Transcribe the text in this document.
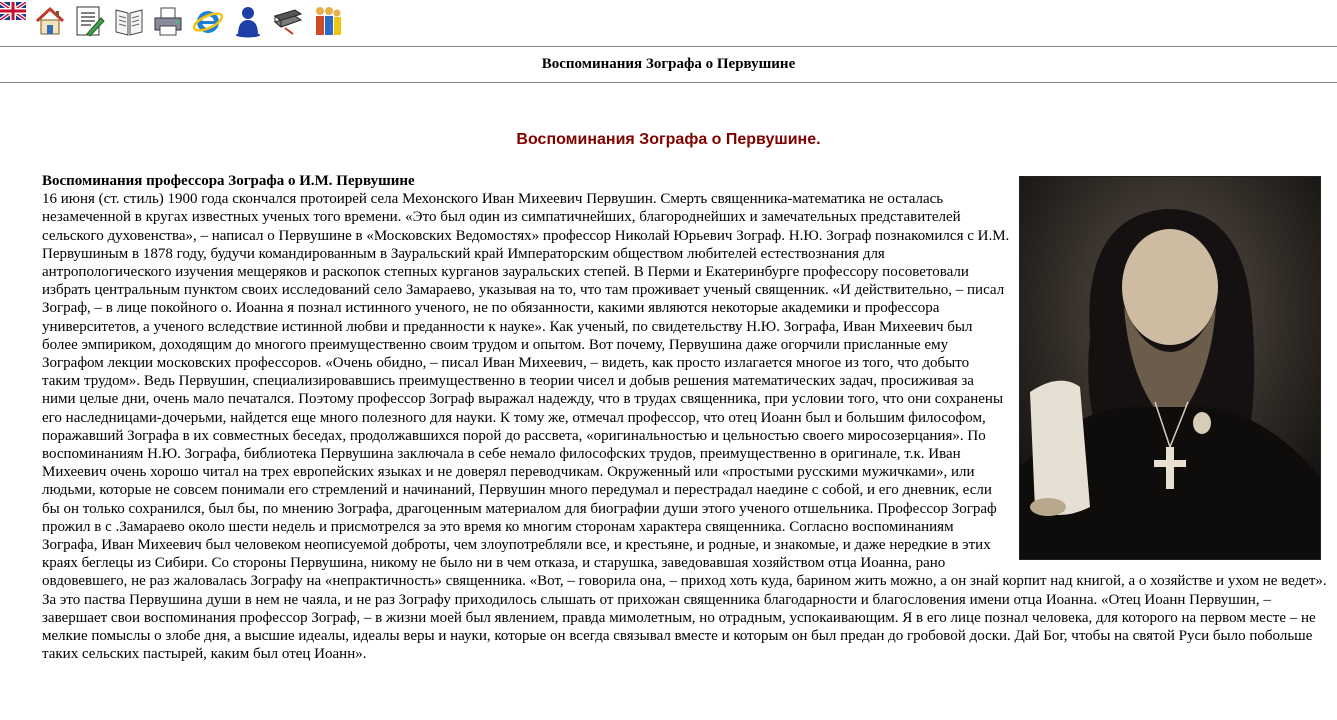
Воспоминания Зографа о Первушине
Воспоминания Зографа о Первушине.
Воспоминания профессора Зографа о И.М. Первушине
16 июня (ст. стиль) 1900 года скончался протоирей села Мехонского Иван Михеевич Первушин. Смерть священника-математика не осталась незамеченной в кругах известных ученых того времени. «Это был один из симпатичнейших, благороднейших и замечательных представителей сельского духовенства», – написал о Первушине в «Московских Ведомостях» профессор Николай Юрьевич Зограф. Н.Ю. Зограф познакомился с И.М. Первушиным в 1878 году, будучи командированным в Зауральский край Императорским обществом любителей естествознания для антропологического изучения мещеряков и раскопок степных курганов зауральских степей. В Перми и Екатеринбурге профессору посоветовали избрать центральным пунктом своих исследований село Замараево, указывая на то, что там проживает ученый священник. «И действительно, – писал Зограф, – в лице покойного о. Иоанна я познал истинного ученого, не по обязанности, какими являются некоторые академики и профессора университетов, а ученого вследствие истинной любви и преданности к науке». Как ученый, по свидетельству Н.Ю. Зографа, Иван Михеевич был более эмпириком, доходящим до многого преимущественно своим трудом и опытом. Вот почему, Первушина даже огорчили присланные ему Зографом лекции московских профессоров. «Очень обидно, – писал Иван Михеевич, – видеть, как просто излагается многое из того, что добыто таким трудом». Ведь Первушин, специализировавшись преимущественно в теории чисел и добыв решения математических задач, просиживая за ними целые дни, очень мало печатался. Поэтому профессор Зограф выражал надежду, что в трудах священника, при условии того, что они сохранены его наследницами-дочерьми, найдется еще много полезного для науки. К тому же, отмечал профессор, что отец Иоанн был и большим философом, поражавший Зографа в их совместных беседах, продолжавшихся порой до рассвета, «оригинальностью и цельностью своего миросозерцания». По воспоминаниям Н.Ю. Зографа, библиотека Первушина заключала в себе немало философских трудов, преимущественно в оригинале, т.к. Иван Михеевич очень хорошо читал на трех европейских языках и не доверял переводчикам. Окруженный или «простыми русскими мужичками», или людьми, которые не совсем понимали его стремлений и начинаний, Первушин много передумал и перестрадал наедине с собой, и его дневник, если бы он только сохранился, был бы, по мнению Зографа, драгоценным материалом для биографии души этого ученого отшельника. Профессор Зограф прожил в с .Замараево около шести недель и присмотрелся за это время ко многим сторонам характера священника. Согласно воспоминаниям Зографа, Иван Михеевич был человеком неописуемой доброты, чем злоупотребляли все, и крестьяне, и родные, и знакомые, и даже нередкие в этих краях беглецы из Сибири. Со стороны Первушина, никому не было ни в чем отказа, и старушка, заведовавшая хозяйством отца Иоанна, рано овдовевшего, не раз жаловалась Зографу на «непрактичность» священника. «Вот, – говорила она, – приход хоть куда, барином жить можно, а он знай корпит над книгой, а о хозяйстве и ухом не ведет». За это паства Первушина души в нем не чаяла, и не раз Зографу приходилось слышать от прихожан священника благодарности и благословения имени отца Иоанна. «Отец Иоанн Первушин, – завершает свои воспоминания профессор Зограф, – в жизни моей был явлением, правда мимолетным, но отрадным, успокаивающим. Я в его лице познал человека, для которого на первом месте – не мелкие помыслы о злобе дня, а высшие идеалы, идеалы веры и науки, которые он всегда связывал вместе и которым он был предан до гробовой доски. Дай Бог, чтобы на святой Руси было побольше таких сельских пастырей, каким был отец Иоанн».
